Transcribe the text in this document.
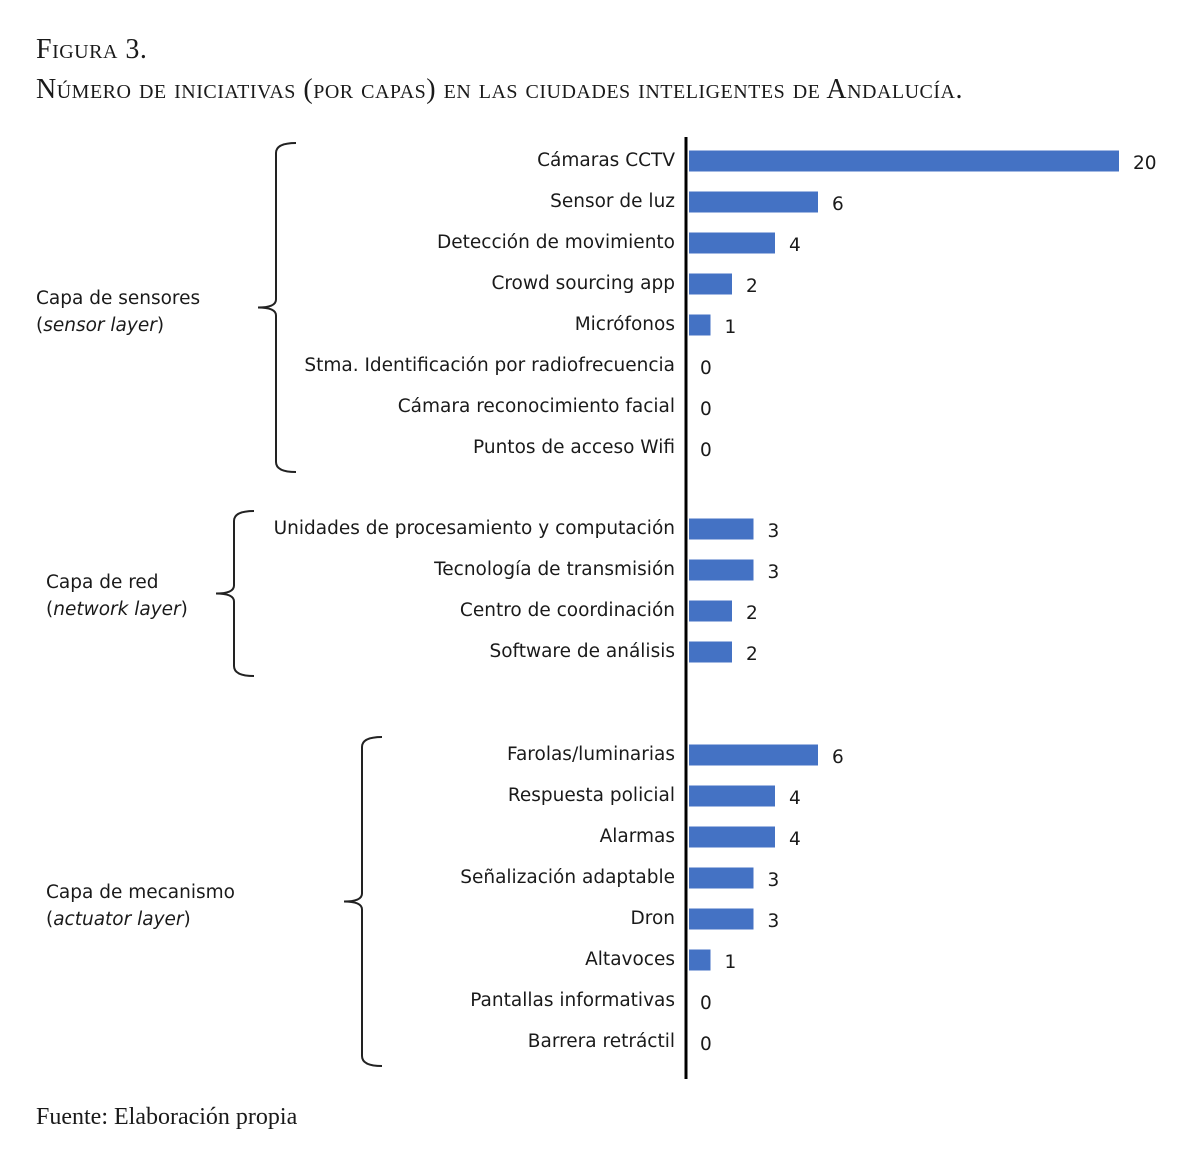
Figura 3.
Número de iniciativas (por capas) en las ciudades inteligentes de Andalucía.
Cámaras CCTV	20
Sensor de luz	6
Detección de movimiento	4
Crowd sourcing app	2
Micrófonos	1
Stma. Identificación por radiofrecuencia 0
Cámara reconocimiento facial 0
Puntos de acceso Wifi 0
Capa de sensores
(sensor layer)
Unidades de procesamiento y computación	3
Tecnología de transmisión	3
Centro de coordinación	2
Software de análisis	2
Capa de red
(network layer)
Farolas/luminarias	6
Respuesta policial	4
Alarmas	4
Señalización adaptable	3
Dron	3
Altavoces	1
Pantallas informativas 0
Barrera retráctil 0
Capa de mecanismo
(actuator layer)
Fuente: Elaboración propia
